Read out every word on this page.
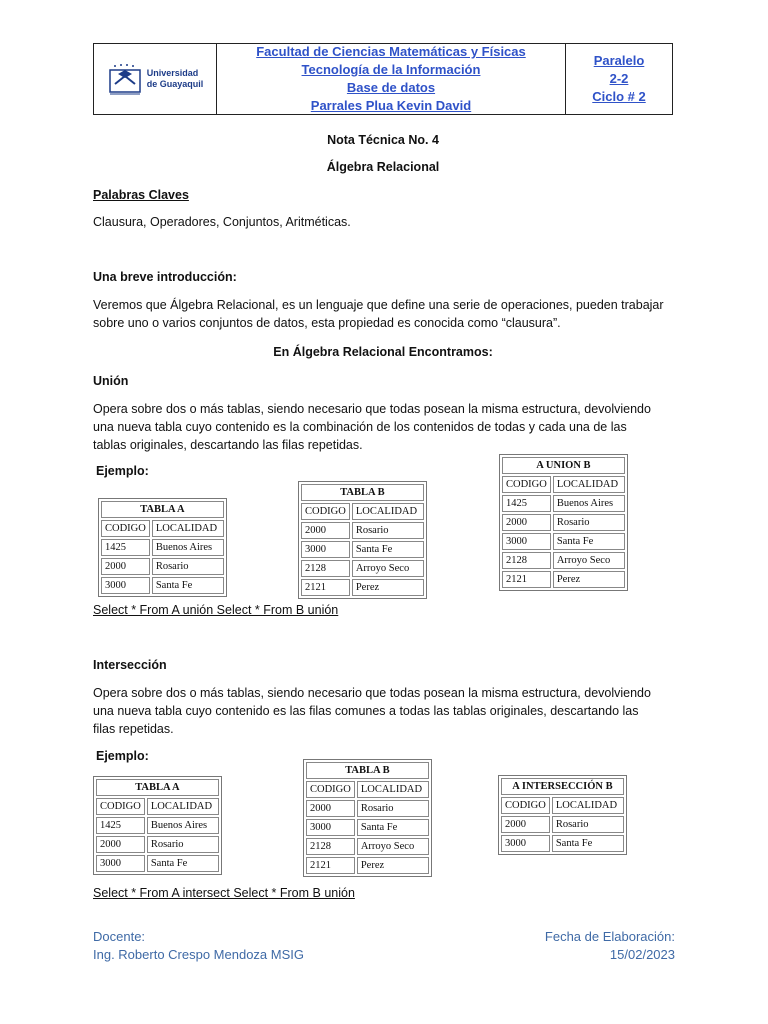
Universidad
de Guayaquil
Facultad de Ciencias Matemáticas y Físicas
Tecnología de la Información
Base de datos
Parrales Plua Kevin David
Paralelo
2-2
Ciclo # 2
Nota Técnica No. 4
Álgebra Relacional
Palabras Claves
Clausura, Operadores, Conjuntos, Aritméticas.
Una breve introducción:
Veremos que Álgebra Relacional, es un lenguaje que define una serie de operaciones, pueden trabajar
sobre uno o varios conjuntos de datos, esta propiedad es conocida como “clausura”.
En Álgebra Relacional Encontramos:
Unión
Opera sobre dos o más tablas, siendo necesario que todas posean la misma estructura, devolviendo
una nueva tabla cuyo contenido es la combinación de los contenidos de todas y cada una de las
tablas originales, descartando las filas repetidas.
Ejemplo:
TABLA A	
CODIGO	LOCALIDAD
1425	Buenos Aires
2000	Rosario
3000	Santa Fe
TABLA B	
CODIGO	LOCALIDAD
2000	Rosario
3000	Santa Fe
2128	Arroyo Seco
2121	Perez
A UNION B	
CODIGO	LOCALIDAD
1425	Buenos Aires
2000	Rosario
3000	Santa Fe
2128	Arroyo Seco
2121	Perez
Select * From A unión Select * From B unión
Intersección
Opera sobre dos o más tablas, siendo necesario que todas posean la misma estructura, devolviendo
una nueva tabla cuyo contenido es las filas comunes a todas las tablas originales, descartando las
filas repetidas.
Ejemplo:
TABLA A	
CODIGO	LOCALIDAD
1425	Buenos Aires
2000	Rosario
3000	Santa Fe
TABLA B	
CODIGO	LOCALIDAD
2000	Rosario
3000	Santa Fe
2128	Arroyo Seco
2121	Perez
A INTERSECCIÓN B	
CODIGO	LOCALIDAD
2000	Rosario
3000	Santa Fe
Select * From A intersect Select * From B unión
Docente:
Ing. Roberto Crespo Mendoza MSIG
Fecha de Elaboración:
15/02/2023
